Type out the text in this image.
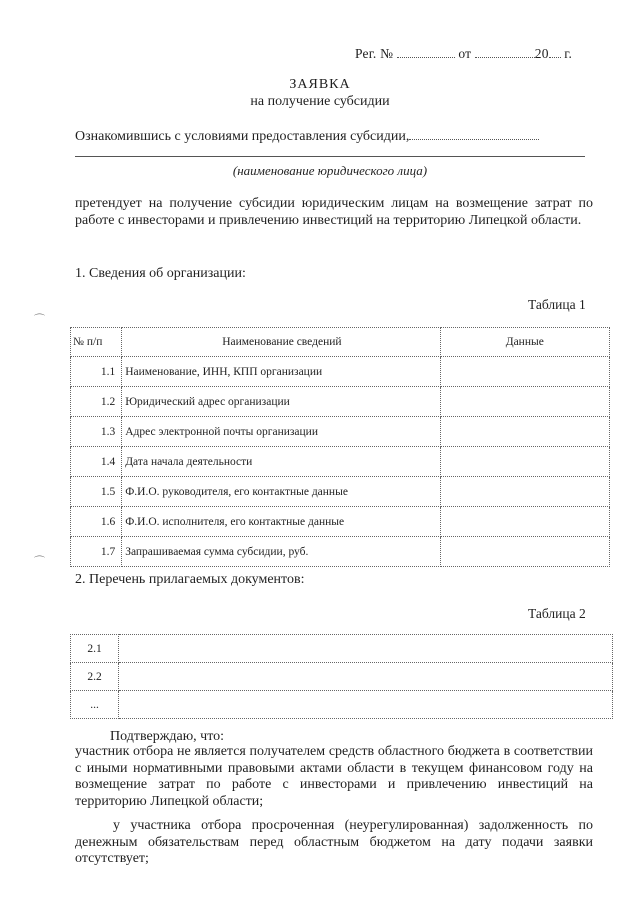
Рег. №	от	20 г.
ЗАЯВКА
на получение субсидии
Ознакомившись с условиями предоставления субсидии,
(наименование юридического лица)

претендует на получение субсидии юридическим лицам на возмещение затрат по работе с инвесторами и привлечению инвестиций на территорию Липецкой области.

1. Сведения об организации:
Таблица 1
№ п/п	Наименование сведений	Данные
1.1	Наименование, ИНН, КПП организации	
1.2	Юридический адрес организации	
1.3	Адрес электронной почты организации	
1.4	Дата начала деятельности	
1.5	Ф.И.О. руководителя, его контактные данные	
1.6	Ф.И.О. исполнителя, его контактные данные	
1.7	Запрашиваемая сумма субсидии, руб.	
2. Перечень прилагаемых документов:
Таблица 2
2.1	
2.2	
...	
Подтверждаю, что:

участник отбора не является получателем средств областного бюджета в соответствии с иными нормативными правовыми актами области в текущем финансовом году на возмещение затрат по работе с инвесторами и привлечению инвестиций на территорию Липецкой области;

у участника отбора просроченная (неурегулированная) задолженность по денежным обязательствам перед областным бюджетом на дату подачи заявки отсутствует;

⌒
⌒
